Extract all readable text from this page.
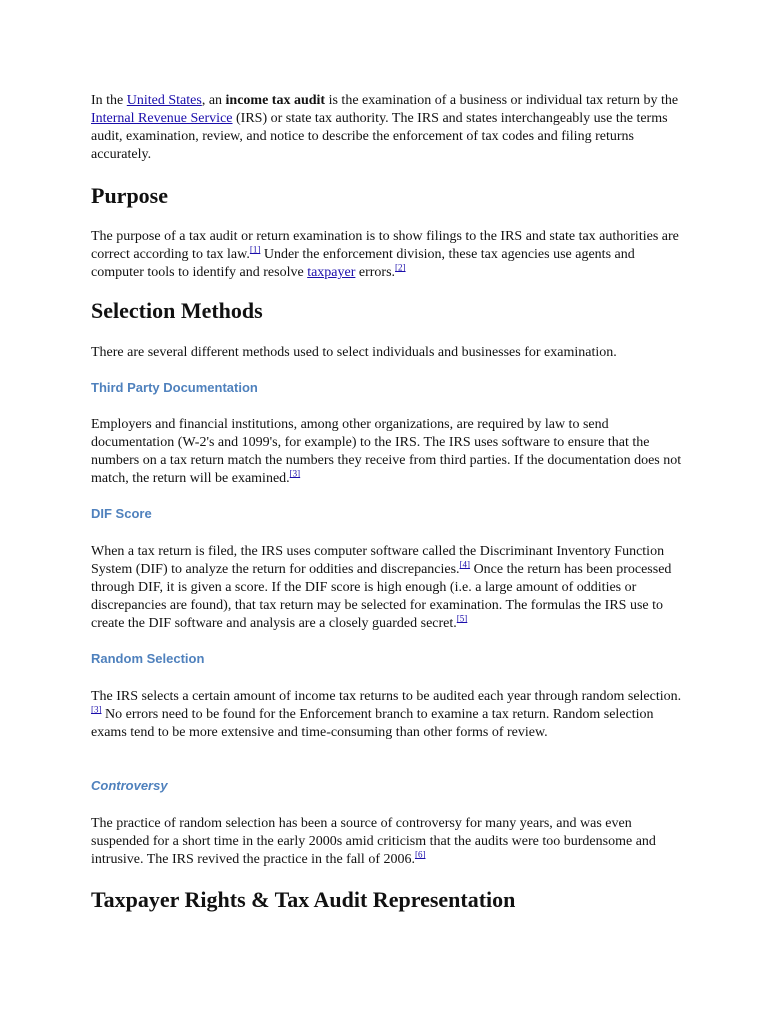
In the United States, an income tax audit is the examination of a business or individual tax return by the Internal Revenue Service (IRS) or state tax authority. The IRS and states interchangeably use the terms audit, examination, review, and notice to describe the enforcement of tax codes and filing returns accurately.

Purpose

The purpose of a tax audit or return examination is to show filings to the IRS and state tax authorities are correct according to tax law.[1] Under the enforcement division, these tax agencies use agents and computer tools to identify and resolve taxpayer errors.[2]

Selection Methods

There are several different methods used to select individuals and businesses for examination.

Third Party Documentation

Employers and financial institutions, among other organizations, are required by law to send documentation (W-2's and 1099's, for example) to the IRS. The IRS uses software to ensure that the numbers on a tax return match the numbers they receive from third parties. If the documentation does not match, the return will be examined.[3]

DIF Score

When a tax return is filed, the IRS uses computer software called the Discriminant Inventory Function System (DIF) to analyze the return for oddities and discrepancies.[4] Once the return has been processed through DIF, it is given a score. If the DIF score is high enough (i.e. a large amount of oddities or discrepancies are found), that tax return may be selected for examination. The formulas the IRS use to create the DIF software and analysis are a closely guarded secret.[5]

Random Selection

The IRS selects a certain amount of income tax returns to be audited each year through random selection.[3] No errors need to be found for the Enforcement branch to examine a tax return. Random selection exams tend to be more extensive and time-consuming than other forms of review.

Controversy

The practice of random selection has been a source of controversy for many years, and was even suspended for a short time in the early 2000s amid criticism that the audits were too burdensome and intrusive. The IRS revived the practice in the fall of 2006.[6]

Taxpayer Rights & Tax Audit Representation
